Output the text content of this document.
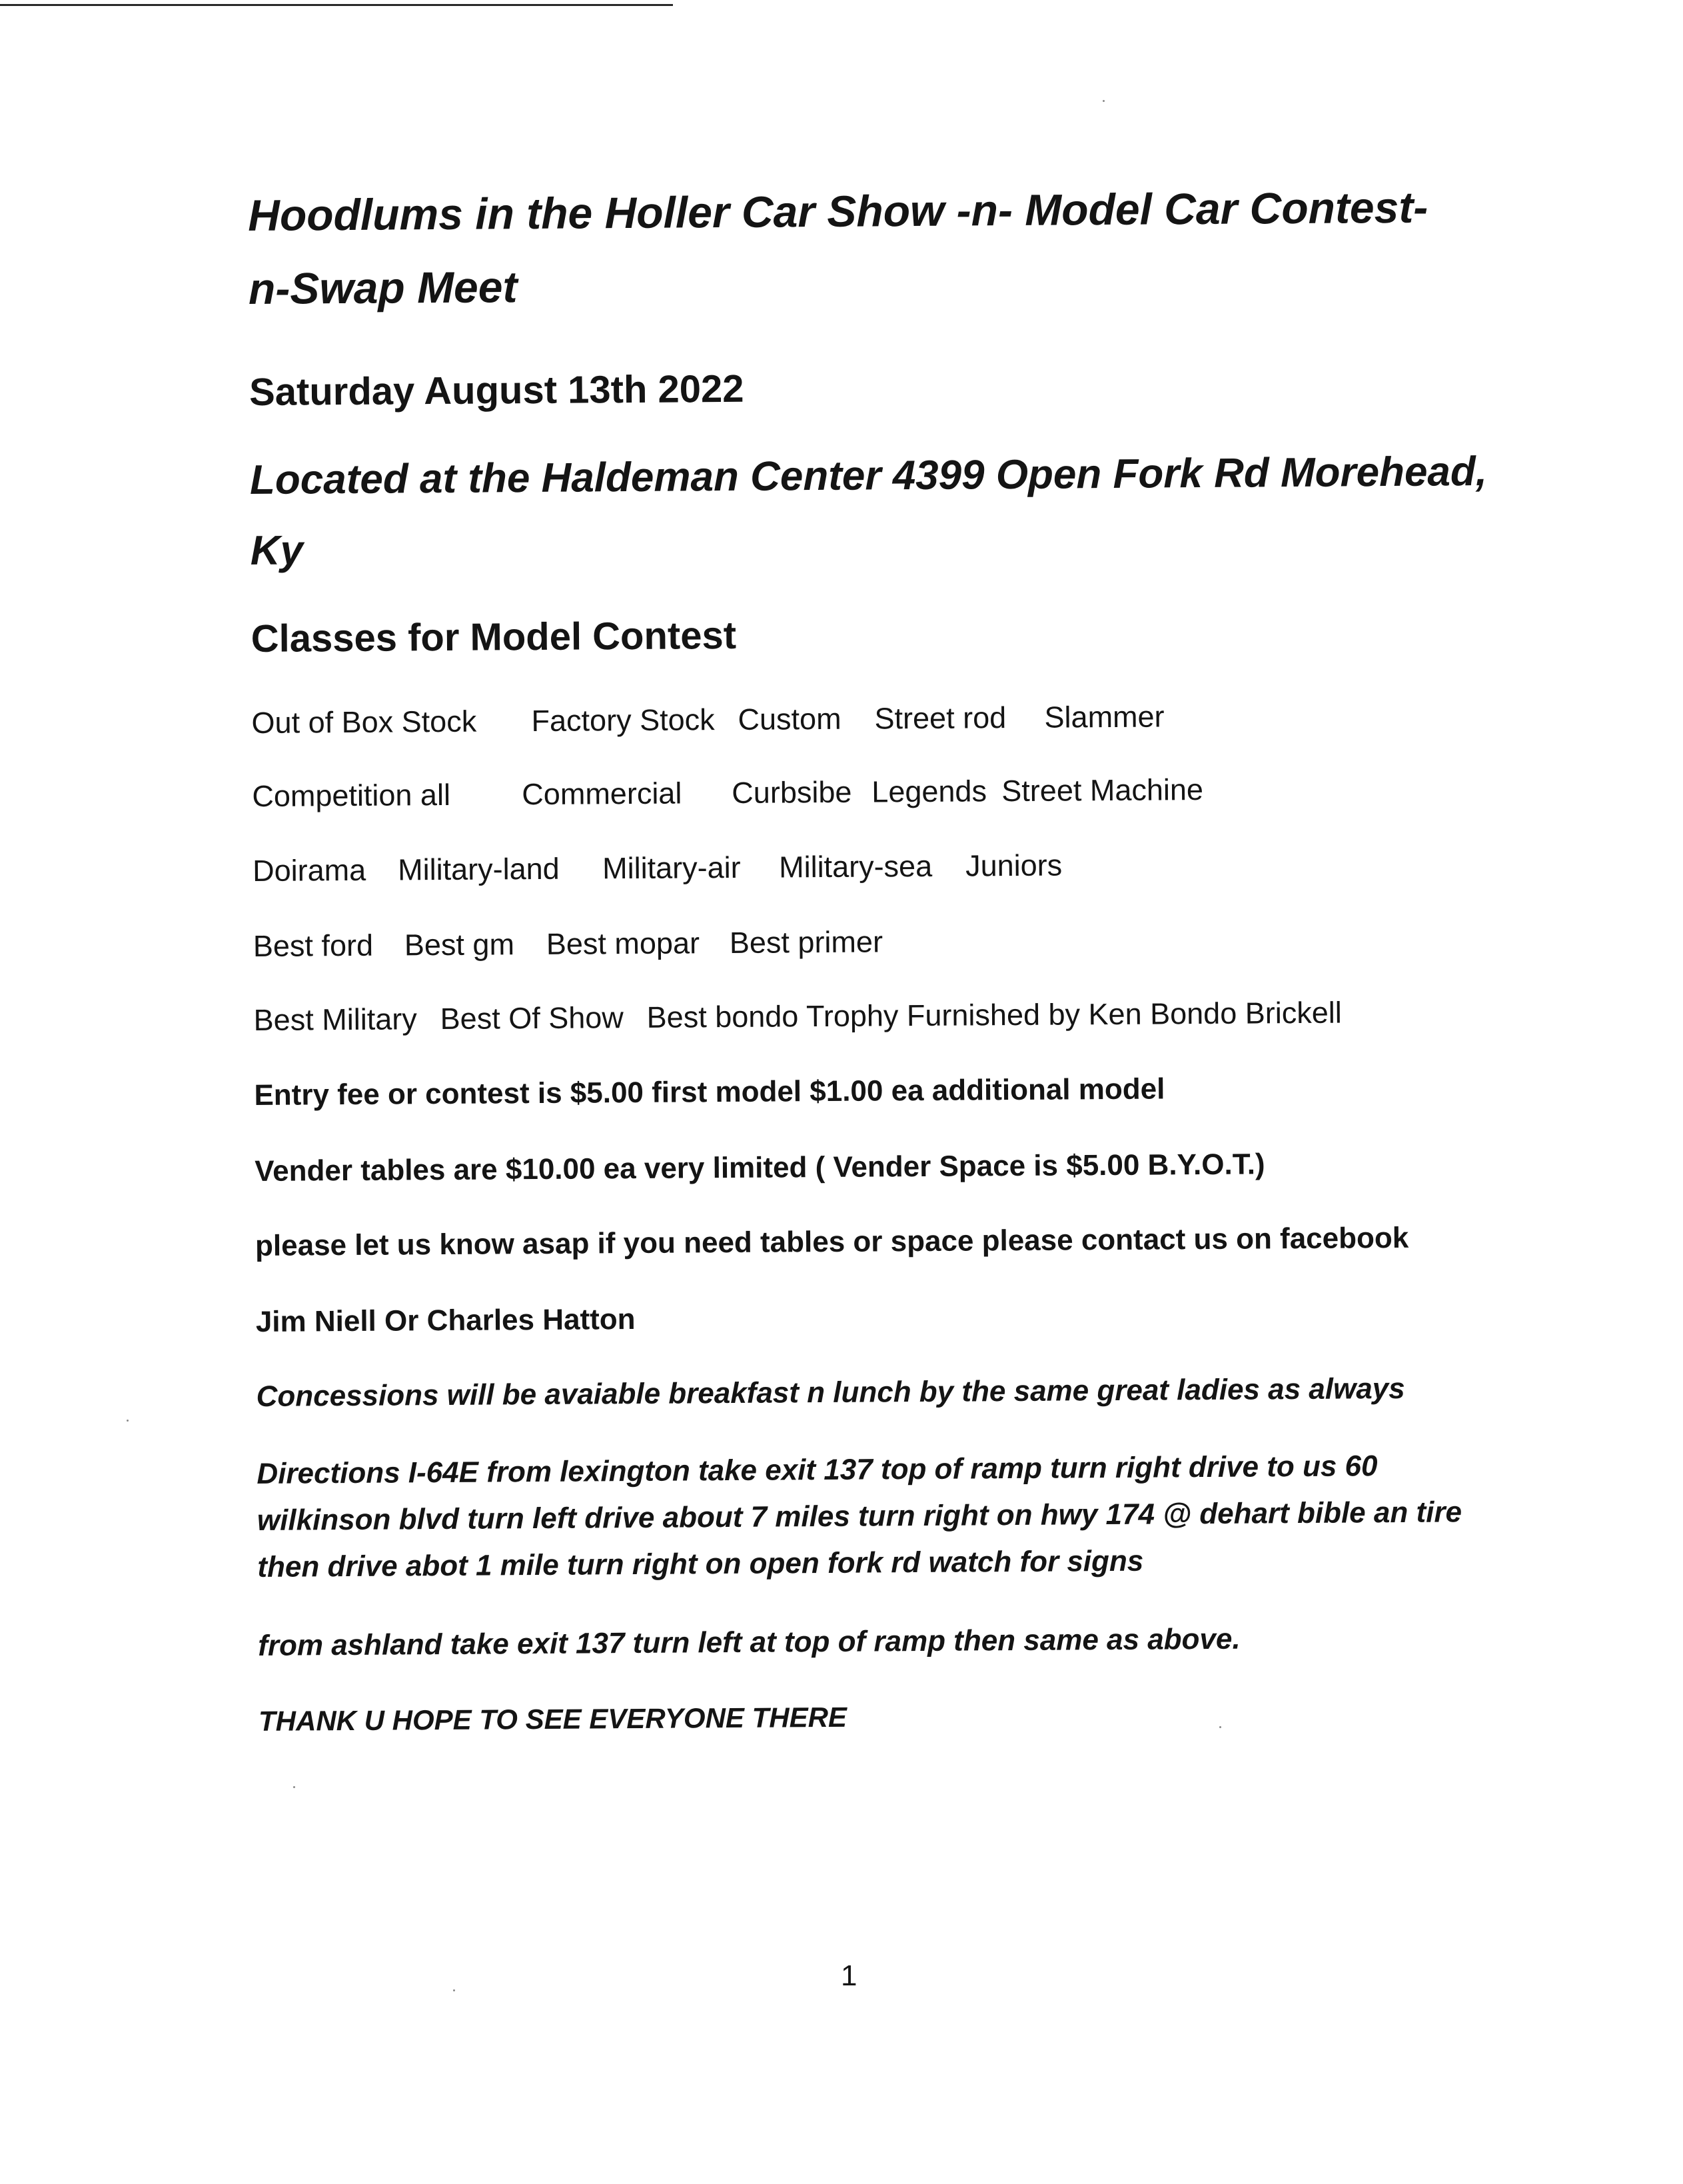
Hoodlums in the Holler Car Show -n- Model Car Contest-
n-Swap Meet
Saturday August 13th 2022
Located at the Haldeman Center 4399 Open Fork Rd Morehead,
Ky
Classes for Model Contest
Out of Box Stock Factory Stock Custom Street rod Slammer
Competition all Commercial Curbsibe Legends Street Machine
Doirama Military-land Military-air Military-sea Juniors
Best ford Best gm Best mopar Best primer
Best Military Best Of Show Best bondo Trophy Furnished by Ken Bondo Brickell
Entry fee or contest is $5.00 first model $1.00 ea additional model
Vender tables are $10.00 ea very limited ( Vender Space is $5.00 B.Y.O.T.)
please let us know asap if you need tables or space please contact us on facebook
Jim Niell Or Charles Hatton
Concessions will be avaiable breakfast n lunch by the same great ladies as always
Directions I-64E from lexington take exit 137 top of ramp turn right drive to us 60
wilkinson blvd turn left drive about 7 miles turn right on hwy 174 @ dehart bible an tire
then drive abot 1 mile turn right on open fork rd watch for signs
from ashland take exit 137 turn left at top of ramp then same as above.
THANK U HOPE TO SEE EVERYONE THERE
1
